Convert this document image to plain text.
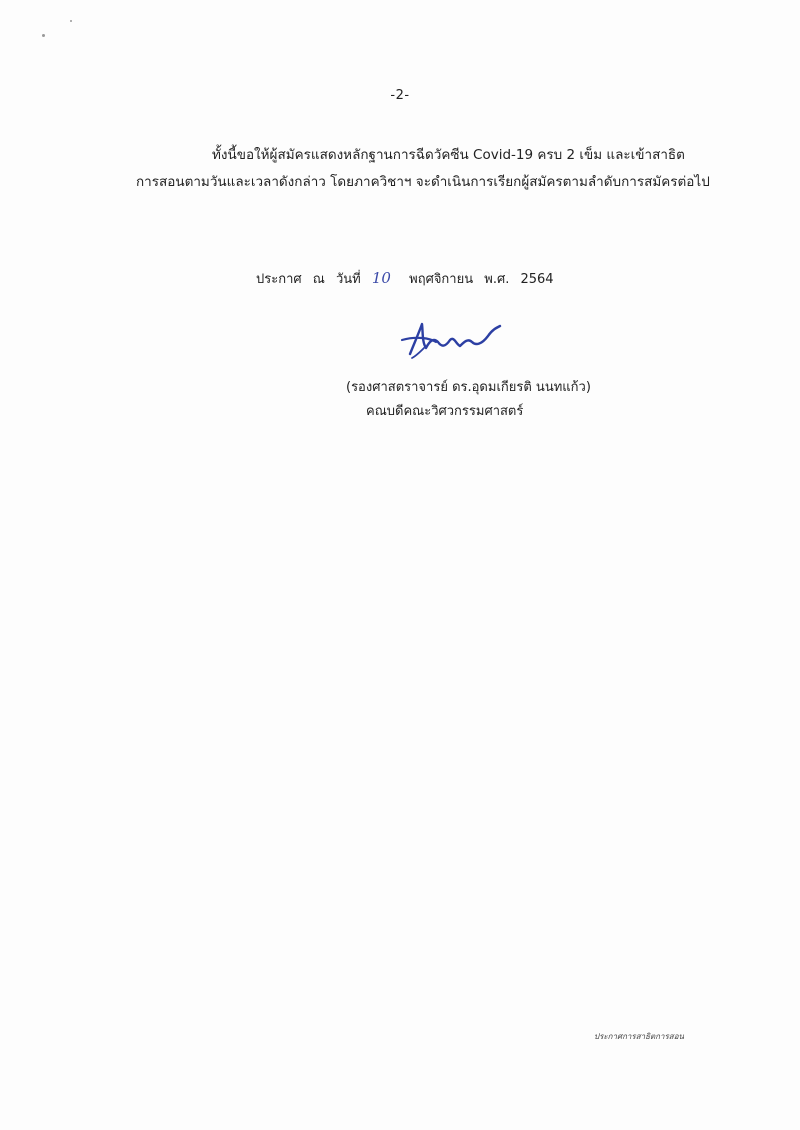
-2-
ทั้งนี้ขอให้ผู้สมัครแสดงหลักฐานการฉีดวัคซีน Covid-19 ครบ 2 เข็ม และเข้าสาธิต
การสอนตามวันและเวลาดังกล่าว โดยภาควิชาฯ จะดำเนินการเรียกผู้สมัครตามลำดับการสมัครต่อไป
ประกาศ ณ วันที่ 10 พฤศจิกายน พ.ศ. 2564
(รองศาสตราจารย์ ดร.อุดมเกียรติ นนทแก้ว)
คณบดีคณะวิศวกรรมศาสตร์
ประกาศการสาธิตการสอน
